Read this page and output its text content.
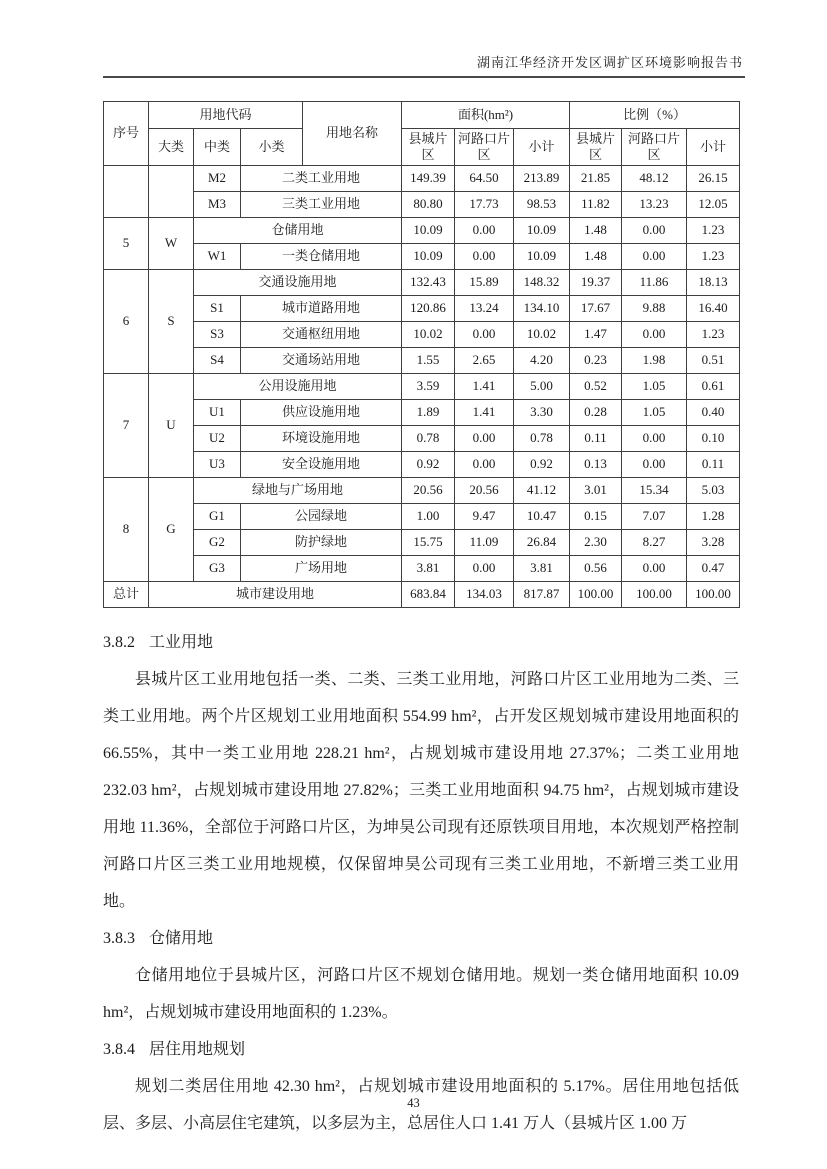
湖南江华经济开发区调扩区环境影响报告书
序号	用地代码			用地名称	面积(hm²)			比例（%）		
	大类	中类	小类		县城片区	河路口片区	小计	县城片区	河路口片区	小计
		M2	二类工业用地		149.39	64.50	213.89	21.85	48.12	26.15
		M3	三类工业用地		80.80	17.73	98.53	11.82	13.23	12.05
5	W	仓储用地			10.09	0.00	10.09	1.48	0.00	1.23
		W1	一类仓储用地		10.09	0.00	10.09	1.48	0.00	1.23
6	S	交通设施用地			132.43	15.89	148.32	19.37	11.86	18.13
		S1	城市道路用地		120.86	13.24	134.10	17.67	9.88	16.40
		S3	交通枢纽用地		10.02	0.00	10.02	1.47	0.00	1.23
		S4	交通场站用地		1.55	2.65	4.20	0.23	1.98	0.51
7	U	公用设施用地			3.59	1.41	5.00	0.52	1.05	0.61
		U1	供应设施用地		1.89	1.41	3.30	0.28	1.05	0.40
		U2	环境设施用地		0.78	0.00	0.78	0.11	0.00	0.10
		U3	安全设施用地		0.92	0.00	0.92	0.13	0.00	0.11
8	G	绿地与广场用地			20.56	20.56	41.12	3.01	15.34	5.03
		G1	公园绿地		1.00	9.47	10.47	0.15	7.07	1.28
		G2	防护绿地		15.75	11.09	26.84	2.30	8.27	3.28
		G3	广场用地		3.81	0.00	3.81	0.56	0.00	0.47
总计	城市建设用地				683.84	134.03	817.87	100.00	100.00	100.00
3.8.2 工业用地

县城片区工业用地包括一类、二类、三类工业用地，河路口片区工业用地为二类、三类工业用地。两个片区规划工业用地面积 554.99 hm²，占开发区规划城市建设用地面积的 66.55%，其中一类工业用地 228.21 hm²，占规划城市建设用地 27.37%；二类工业用地 232.03 hm²，占规划城市建设用地 27.82%；三类工业用地面积 94.75 hm²，占规划城市建设用地 11.36%，全部位于河路口片区，为坤昊公司现有还原铁项目用地，本次规划严格控制河路口片区三类工业用地规模，仅保留坤昊公司现有三类工业用地，不新增三类工业用地。

3.8.3 仓储用地

仓储用地位于县城片区，河路口片区不规划仓储用地。规划一类仓储用地面积 10.09 hm²，占规划城市建设用地面积的 1.23%。

3.8.4 居住用地规划

规划二类居住用地 42.30 hm²，占规划城市建设用地面积的 5.17%。居住用地包括低层、多层、小高层住宅建筑，以多层为主，总居住人口 1.41 万人（县城片区 1.00 万

43
